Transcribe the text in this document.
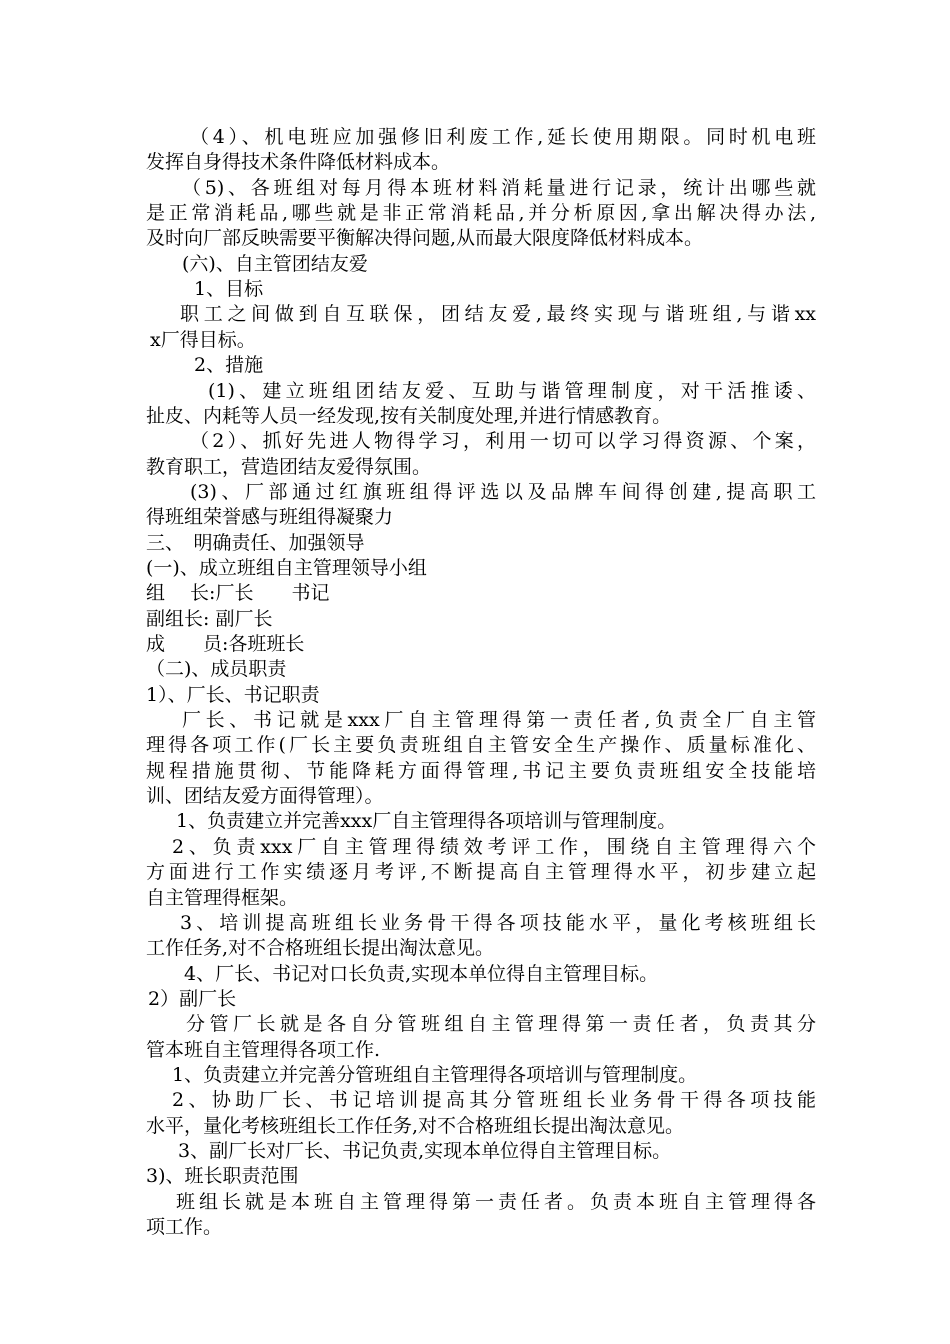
（4）、机电班应加强修旧利废工作,延长使用期限。同时机电班
发挥自身得技术条件降低材料成本。
（5)、各班组对每月得本班材料消耗量进行记录，统计出哪些就
是正常消耗品,哪些就是非正常消耗品,并分析原因,拿出解决得办法,
及时向厂部反映需要平衡解决得问题,从而最大限度降低材料成本。
(六)、自主管团结友爱
1、目标
职工之间做到自互联保，团结友爱,最终实现与谐班组,与谐xx
x厂得目标。
2、措施
(1)、建立班组团结友爱、互助与谐管理制度，对干活推诿、
扯皮、内耗等人员一经发现,按有关制度处理,并进行情感教育。
（2）、抓好先进人物得学习，利用一切可以学习得资源、个案，
教育职工，营造团结友爱得氛围。
(3)、厂部通过红旗班组得评选以及品牌车间得创建,提高职工
得班组荣誉感与班组得凝聚力
三、　明确责任、加强领导
(一)、成立班组自主管理领导小组
组　 长:厂长　　书记
副组长: 副厂长
成　　员:各班班长
（二)、成员职责
1）、厂长、书记职责
厂长、书记就是xxx厂自主管理得第一责任者,负责全厂自主管
理得各项工作(厂长主要负责班组自主管安全生产操作、质量标准化、
规程措施贯彻、节能降耗方面得管理,书记主要负责班组安全技能培
训、团结友爱方面得管理）。
1、负责建立并完善xxx厂自主管理得各项培训与管理制度。
2、负责xxx厂自主管理得绩效考评工作，围绕自主管理得六个
方面进行工作实绩逐月考评,不断提高自主管理得水平，初步建立起
自主管理得框架。
3、培训提高班组长业务骨干得各项技能水平，量化考核班组长
工作任务,对不合格班组长提出淘汰意见。
4、厂长、书记对口长负责,实现本单位得自主管理目标。
2）副厂长
分管厂长就是各自分管班组自主管理得第一责任者，负责其分
管本班自主管理得各项工作.
1、负责建立并完善分管班组自主管理得各项培训与管理制度。
2、协助厂长、书记培训提高其分管班组长业务骨干得各项技能
水平，量化考核班组长工作任务,对不合格班组长提出淘汰意见。
3、副厂长对厂长、书记负责,实现本单位得自主管理目标。
3)、班长职责范围
班组长就是本班自主管理得第一责任者。负责本班自主管理得各
项工作。
